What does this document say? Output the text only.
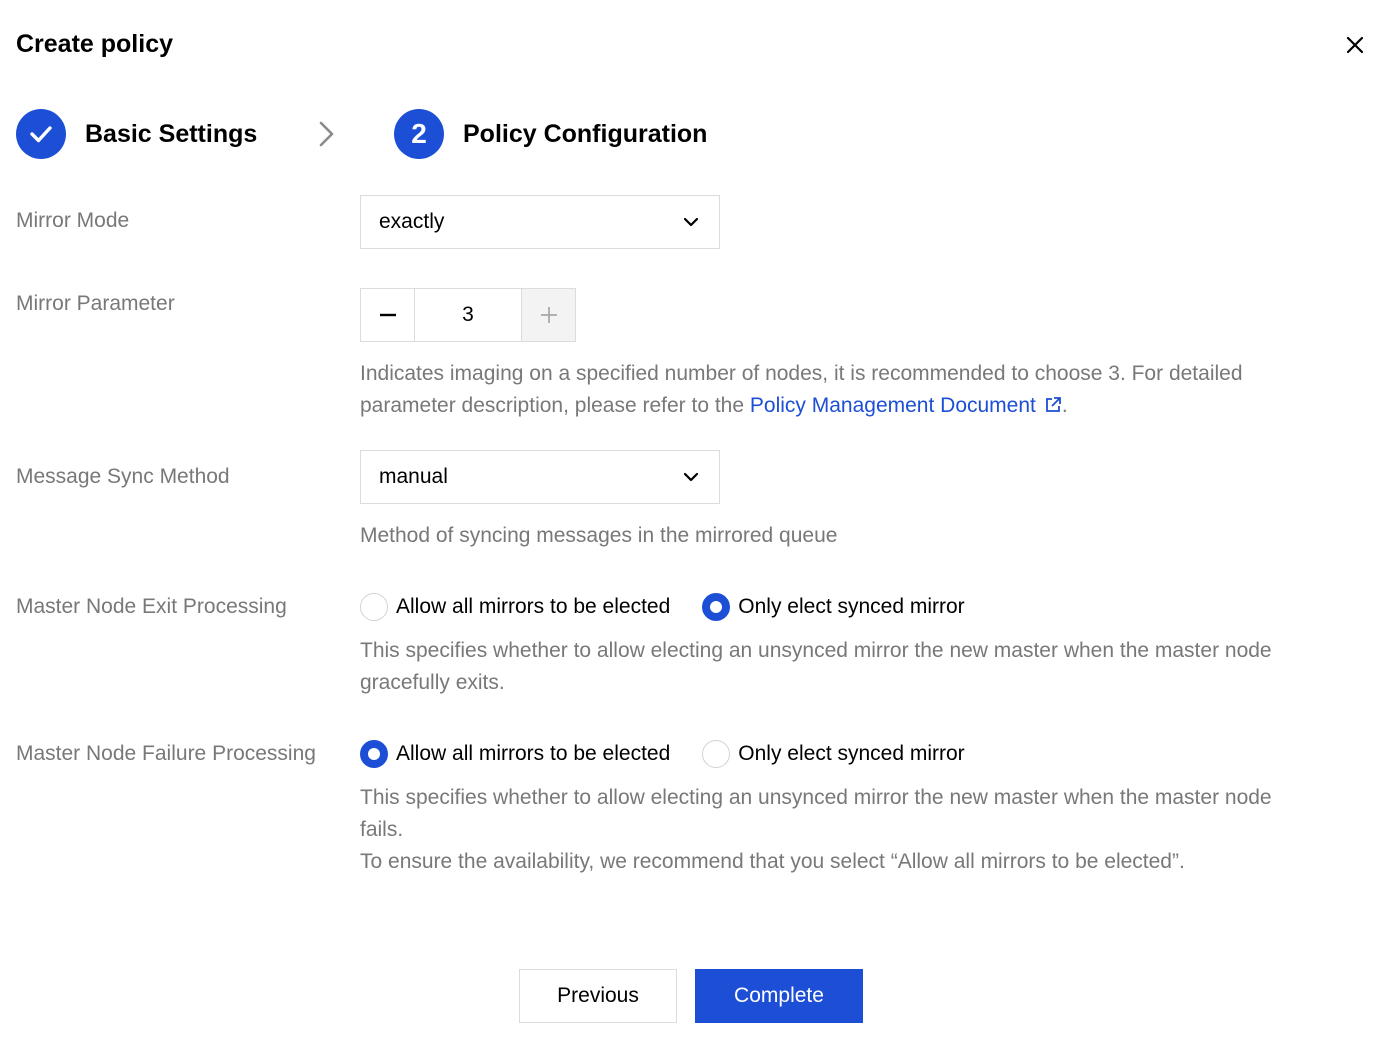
Create policy
Basic Settings	2	Policy Configuration
Mirror Mode	exactly
Mirror Parameter	3
Indicates imaging on a specified number of nodes, it is recommended to choose 3. For detailed parameter description, please refer to the Policy Management Document .
Message Sync Method	manual
Method of syncing messages in the mirrored queue
Master Node Exit Processing	Allow all mirrors to be elected	Only elect synced mirror
This specifies whether to allow electing an unsynced mirror the new master when the master node gracefully exits.
Master Node Failure Processing	Allow all mirrors to be elected	Only elect synced mirror
This specifies whether to allow electing an unsynced mirror the new master when the master node fails.
To ensure the availability, we recommend that you select “Allow all mirrors to be elected”.
Previous	Complete
